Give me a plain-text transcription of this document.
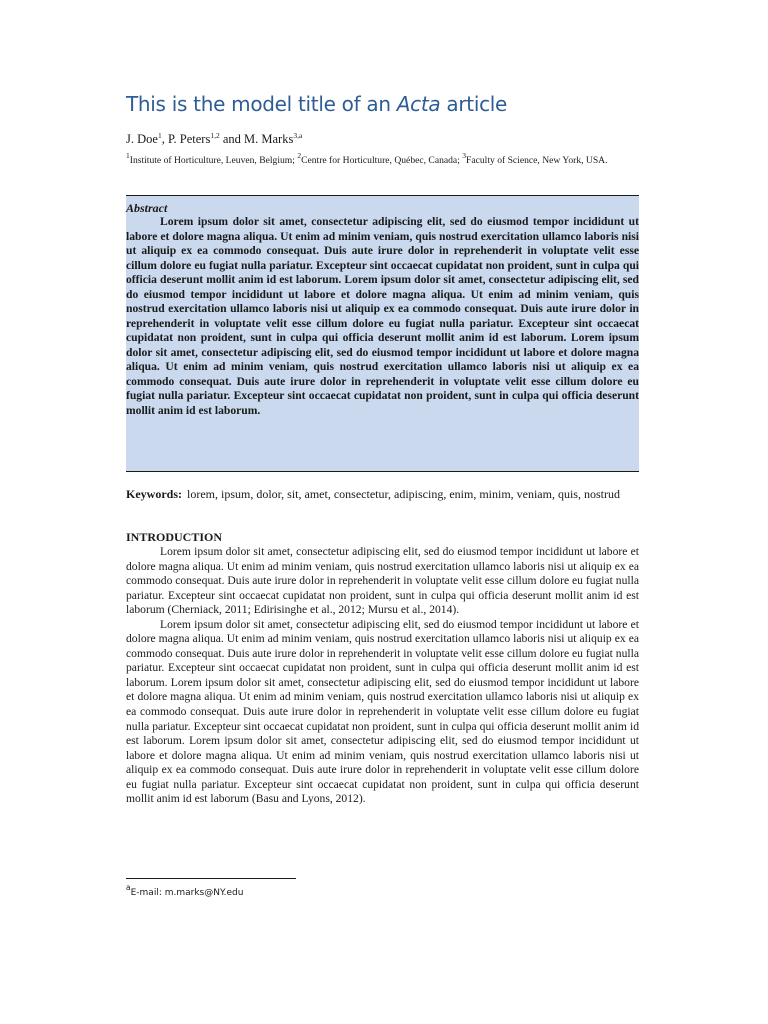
This is the model title of an Acta article
J. Doe$^1$, P. Peters$^{1,2}$ and M. Marks$^{3,a}$
$^1$Institute of Horticulture, Leuven, Belgium; $^2$Centre for Horticulture, Québec, Canada; $^3$Faculty of Science, New York, USA.
Abstract

Lorem ipsum dolor sit amet, consectetur adipiscing elit, sed do eiusmod tempor incididunt ut labore et dolore magna aliqua. Ut enim ad minim veniam, quis nostrud exercitation ullamco laboris nisi ut aliquip ex ea commodo consequat. Duis aute irure dolor in reprehenderit in voluptate velit esse cillum dolore eu fugiat nulla pariatur. Excepteur sint occaecat cupidatat non proident, sunt in culpa qui officia deserunt mollit anim id est laborum. Lorem ipsum dolor sit amet, consectetur adipiscing elit, sed do eiusmod tempor incididunt ut labore et dolore magna aliqua. Ut enim ad minim veniam, quis nostrud exercitation ullamco laboris nisi ut aliquip ex ea commodo consequat. Duis aute irure dolor in reprehenderit in voluptate velit esse cillum dolore eu fugiat nulla pariatur. Excepteur sint occaecat cupidatat non proident, sunt in culpa qui officia deserunt mollit anim id est laborum. Lorem ipsum dolor sit amet, consectetur adipiscing elit, sed do eiusmod tempor incididunt ut labore et dolore magna aliqua. Ut enim ad minim veniam, quis nostrud exercitation ullamco laboris nisi ut aliquip ex ea commodo consequat. Duis aute irure dolor in reprehenderit in voluptate velit esse cillum dolore eu fugiat nulla pariatur. Excepteur sint occaecat cupidatat non proident, sunt in culpa qui officia deserunt mollit anim id est laborum.

Keywords: lorem, ipsum, dolor, sit, amet, consectetur, adipiscing, enim, minim, veniam, quis, nostrud
INTRODUCTION

Lorem ipsum dolor sit amet, consectetur adipiscing elit, sed do eiusmod tempor incididunt ut labore et dolore magna aliqua. Ut enim ad minim veniam, quis nostrud exercitation ullamco laboris nisi ut aliquip ex ea commodo consequat. Duis aute irure dolor in reprehenderit in voluptate velit esse cillum dolore eu fugiat nulla pariatur. Excepteur sint occaecat cupidatat non proident, sunt in culpa qui officia deserunt mollit anim id est laborum (Cherniack, 2011; Edirisinghe et al., 2012; Mursu et al., 2014).

Lorem ipsum dolor sit amet, consectetur adipiscing elit, sed do eiusmod tempor incididunt ut labore et dolore magna aliqua. Ut enim ad minim veniam, quis nostrud exercitation ullamco laboris nisi ut aliquip ex ea commodo consequat. Duis aute irure dolor in reprehenderit in voluptate velit esse cillum dolore eu fugiat nulla pariatur. Excepteur sint occaecat cupidatat non proident, sunt in culpa qui officia deserunt mollit anim id est laborum. Lorem ipsum dolor sit amet, consectetur adipiscing elit, sed do eiusmod tempor incididunt ut labore et dolore magna aliqua. Ut enim ad minim veniam, quis nostrud exercitation ullamco laboris nisi ut aliquip ex ea commodo consequat. Duis aute irure dolor in reprehenderit in voluptate velit esse cillum dolore eu fugiat nulla pariatur. Excepteur sint occaecat cupidatat non proident, sunt in culpa qui officia deserunt mollit anim id est laborum. Lorem ipsum dolor sit amet, consectetur adipiscing elit, sed do eiusmod tempor incididunt ut labore et dolore magna aliqua. Ut enim ad minim veniam, quis nostrud exercitation ullamco laboris nisi ut aliquip ex ea commodo consequat. Duis aute irure dolor in reprehenderit in voluptate velit esse cillum dolore eu fugiat nulla pariatur. Excepteur sint occaecat cupidatat non proident, sunt in culpa qui officia deserunt mollit anim id est laborum (Basu and Lyons, 2012).

$^a$E-mail: m.marks@NY.edu
